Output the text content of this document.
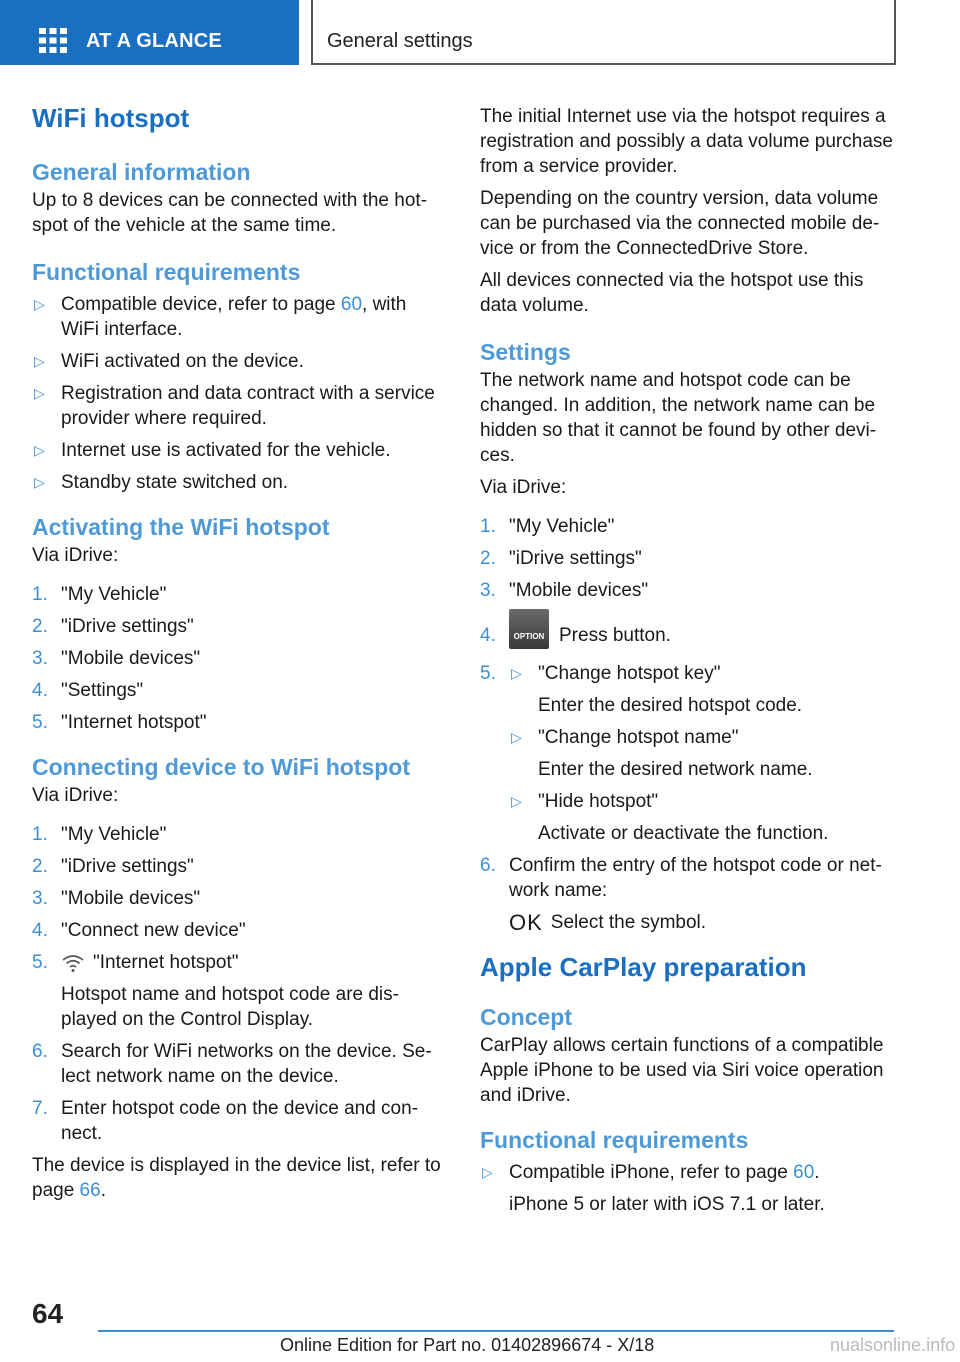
AT A GLANCE	General settings
WiFi hotspot
General information
Up to 8 devices can be connected with the hotspot of the vehicle at the same time.
Functional requirements
▷ Compatible device, refer to page 60, with WiFi interface.
▷ WiFi activated on the device.
▷ Registration and data contract with a service provider where required.
▷ Internet use is activated for the vehicle.
▷ Standby state switched on.
Activating the WiFi hotspot
Via iDrive:
1. "My Vehicle"
2. "iDrive settings"
3. "Mobile devices"
4. "Settings"
5. "Internet hotspot"
Connecting device to WiFi hotspot
Via iDrive:
1. "My Vehicle"
2. "iDrive settings"
3. "Mobile devices"
4. "Connect new device"
5. "Internet hotspot"
Hotspot name and hotspot code are displayed on the Control Display.
6. Search for WiFi networks on the device. Select network name on the device.
7. Enter hotspot code on the device and connect.
The device is displayed in the device list, refer to page 66.
The initial Internet use via the hotspot requires a registration and possibly a data volume purchase from a service provider.
Depending on the country version, data volume can be purchased via the connected mobile device or from the ConnectedDrive Store.
All devices connected via the hotspot use this data volume.
Settings
The network name and hotspot code can be changed. In addition, the network name can be hidden so that it cannot be found by other devices.
Via iDrive:
1. "My Vehicle"
2. "iDrive settings"
3. "Mobile devices"
4.	OPTION Press button.
5. ▷ "Change hotspot key"
Enter the desired hotspot code.
▷ "Change hotspot name"
Enter the desired network name.
▷ "Hide hotspot"
Activate or deactivate the function.
6. Confirm the entry of the hotspot code or network name:
OK Select the symbol.
Apple CarPlay preparation
Concept
CarPlay allows certain functions of a compatible Apple iPhone to be used via Siri voice operation and iDrive.
Functional requirements
▷ Compatible iPhone, refer to page 60.
iPhone 5 or later with iOS 7.1 or later.
64
Online Edition for Part no. 01402896674 - X/18	nualsonline.info
